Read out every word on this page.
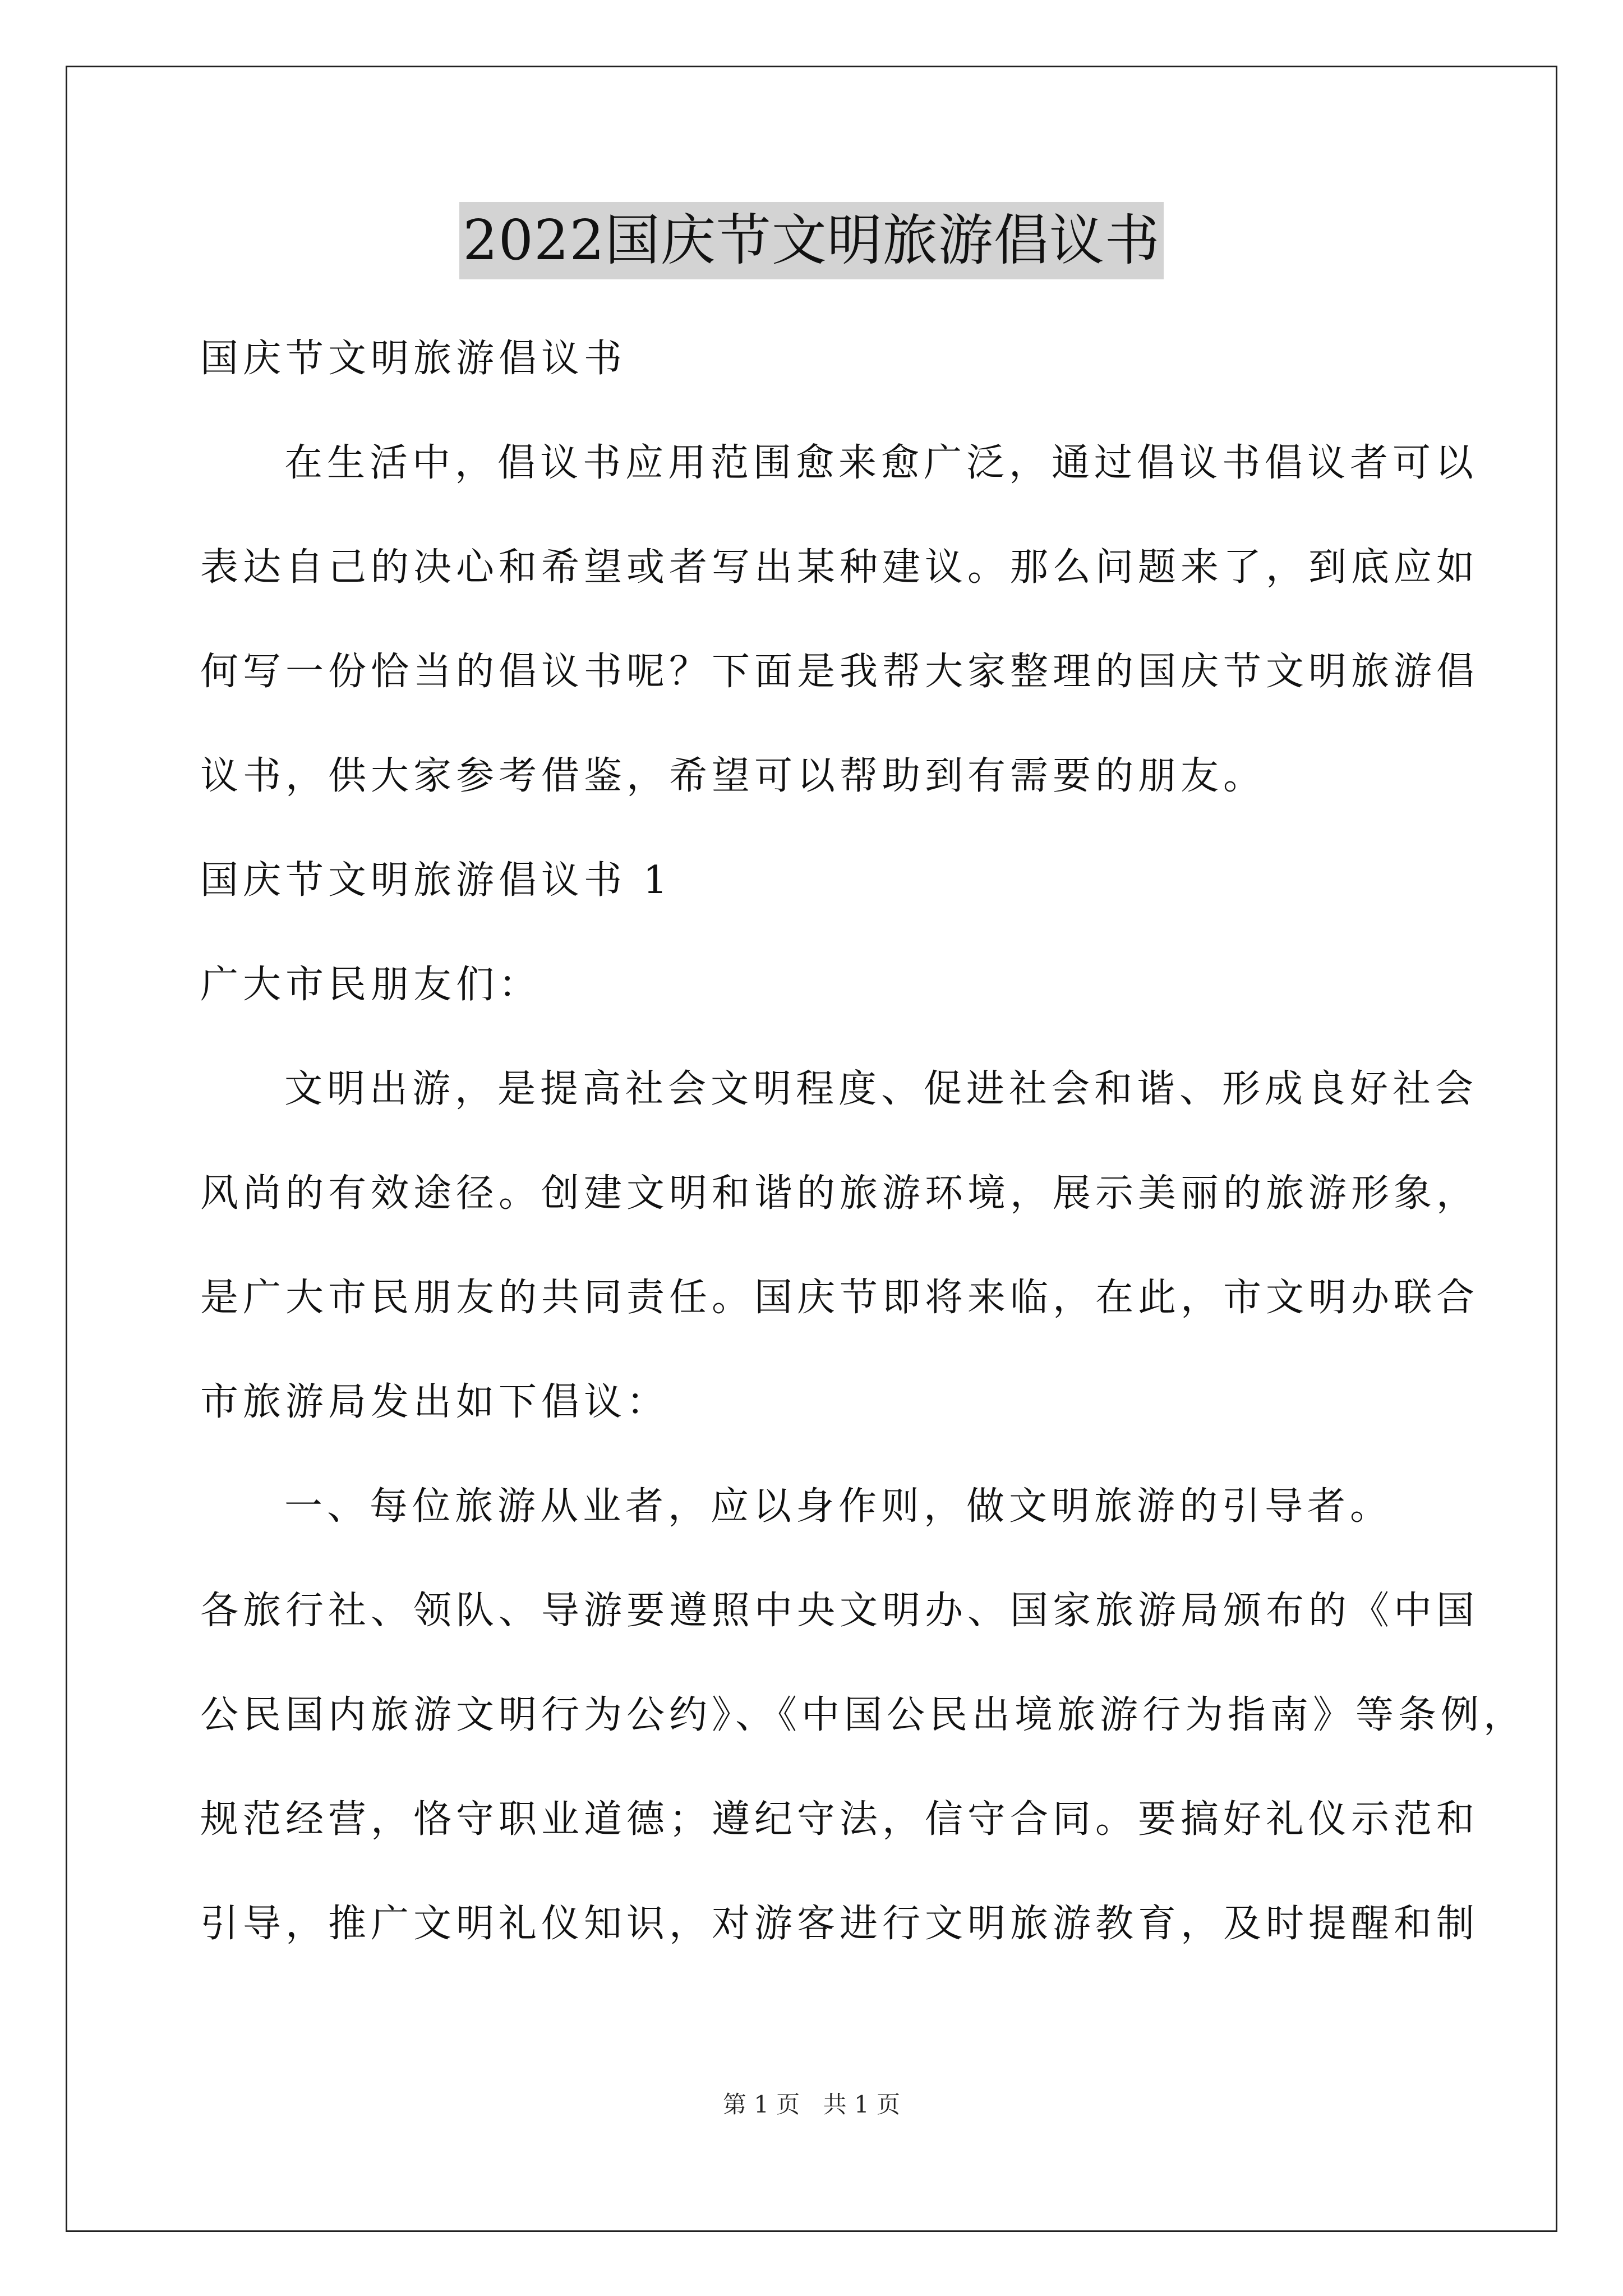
2022国庆节文明旅游倡议书
国庆节文明旅游倡议书
在生活中，倡议书应用范围愈来愈广泛，通过倡议书倡议者可以
表达自己的决心和希望或者写出某种建议。那么问题来了，到底应如
何写一份恰当的倡议书呢？下面是我帮大家整理的国庆节文明旅游倡
议书，供大家参考借鉴，希望可以帮助到有需要的朋友。
国庆节文明旅游倡议书 1
广大市民朋友们：
文明出游，是提高社会文明程度、促进社会和谐、形成良好社会
风尚的有效途径。创建文明和谐的旅游环境，展示美丽的旅游形象，
是广大市民朋友的共同责任。国庆节即将来临，在此，市文明办联合
市旅游局发出如下倡议：
一、每位旅游从业者，应以身作则，做文明旅游的引导者。
各旅行社、领队、导游要遵照中央文明办、国家旅游局颁布的《中国
公民国内旅游文明行为公约》、《中国公民出境旅游行为指南》等条例，
规范经营，恪守职业道德；遵纪守法，信守合同。要搞好礼仪示范和
引导，推广文明礼仪知识，对游客进行文明旅游教育，及时提醒和制
第 1 页 共 1 页
